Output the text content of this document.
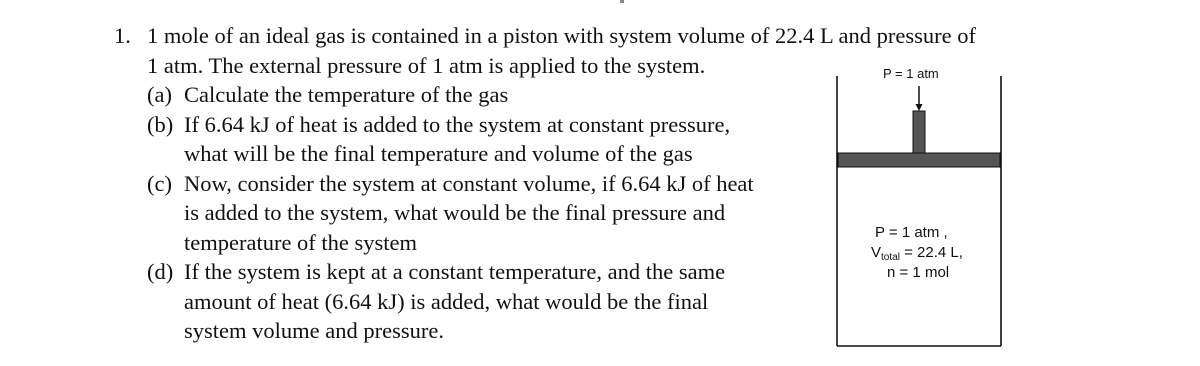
1. 1 mole of an ideal gas is contained in a piston with system volume of 22.4 L and pressure of
1 atm. The external pressure of 1 atm is applied to the system.
(a) Calculate the temperature of the gas
(b) If 6.64 kJ of heat is added to the system at constant pressure,
what will be the final temperature and volume of the gas
(c) Now, consider the system at constant volume, if 6.64 kJ of heat
is added to the system, what would be the final pressure and
temperature of the system
(d) If the system is kept at a constant temperature, and the same
amount of heat (6.64 kJ) is added, what would be the final
system volume and pressure.
P = 1 atm
P = 1 atm ,
$V_{total} = 22.4$ L,
n = 1 mol
